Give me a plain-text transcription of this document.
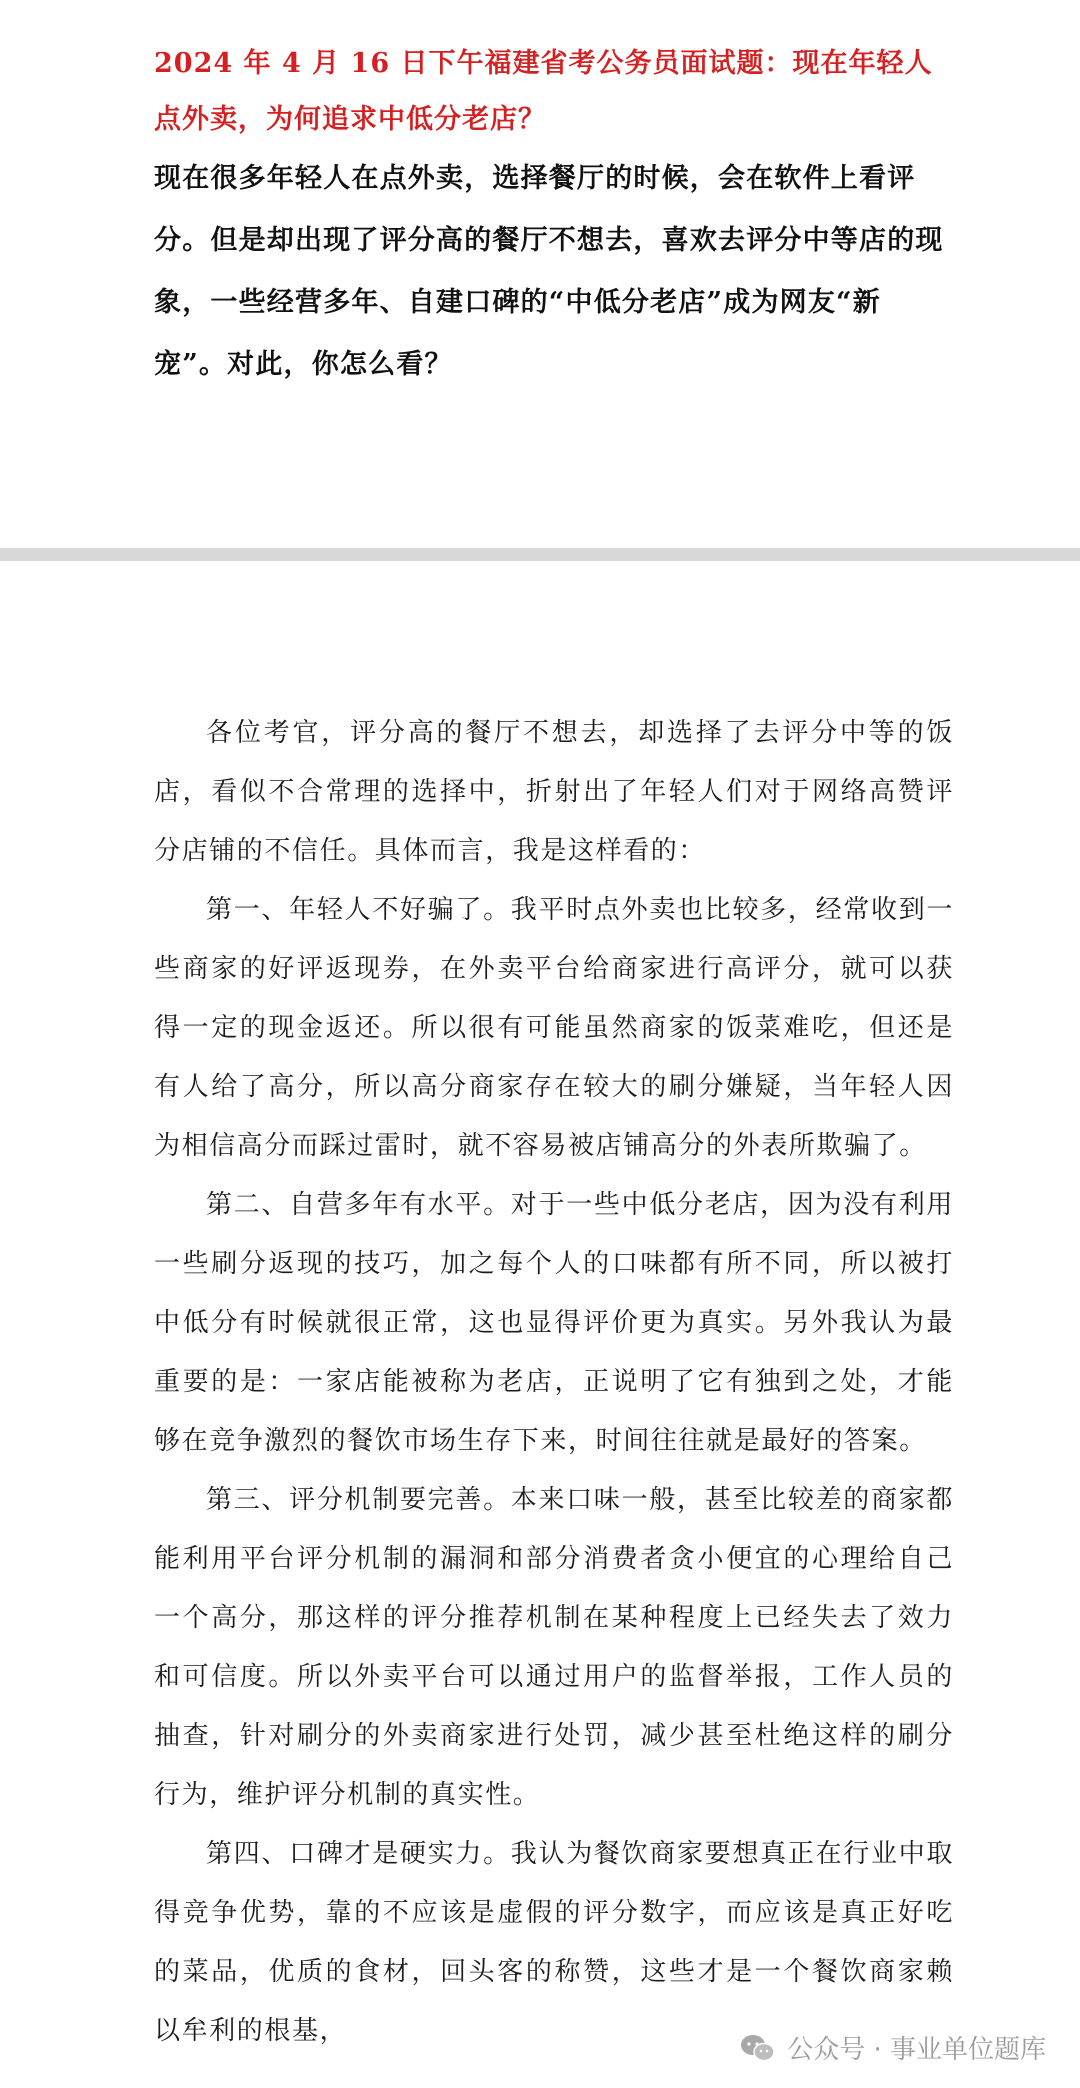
2024 年 4 月 16 日下午福建省考公务员面试题：现在年轻人点外卖，为何追求中低分老店？

现在很多年轻人在点外卖，选择餐厅的时候，会在软件上看评分。但是却出现了评分高的餐厅不想去，喜欢去评分中等店的现象，一些经营多年、自建口碑的“中低分老店”成为网友“新宠”。对此，你怎么看？

各位考官，评分高的餐厅不想去，却选择了去评分中等的饭店，看似不合常理的选择中，折射出了年轻人们对于网络高赞评分店铺的不信任。具体而言，我是这样看的：

第一、年轻人不好骗了。我平时点外卖也比较多，经常收到一些商家的好评返现券，在外卖平台给商家进行高评分，就可以获得一定的现金返还。所以很有可能虽然商家的饭菜难吃，但还是有人给了高分，所以高分商家存在较大的刷分嫌疑，当年轻人因为相信高分而踩过雷时，就不容易被店铺高分的外表所欺骗了。

第二、自营多年有水平。对于一些中低分老店，因为没有利用一些刷分返现的技巧，加之每个人的口味都有所不同，所以被打中低分有时候就很正常，这也显得评价更为真实。另外我认为最重要的是：一家店能被称为老店，正说明了它有独到之处，才能够在竞争激烈的餐饮市场生存下来，时间往往就是最好的答案。

第三、评分机制要完善。本来口味一般，甚至比较差的商家都能利用平台评分机制的漏洞和部分消费者贪小便宜的心理给自己一个高分，那这样的评分推荐机制在某种程度上已经失去了效力和可信度。所以外卖平台可以通过用户的监督举报，工作人员的抽查，针对刷分的外卖商家进行处罚，减少甚至杜绝这样的刷分行为，维护评分机制的真实性。

第四、口碑才是硬实力。我认为餐饮商家要想真正在行业中取得竞争优势，靠的不应该是虚假的评分数字，而应该是真正好吃的菜品，优质的食材，回头客的称赞，这些才是一个餐饮商家赖以牟利的根基，

公众号 · 事业单位题库
